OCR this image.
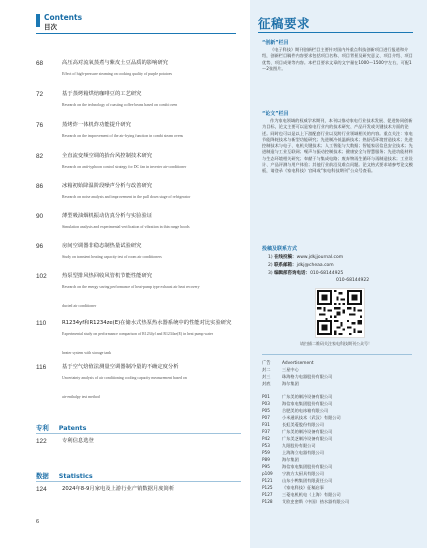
Contents
目次
68	高压高对流氧蒸煮与紫皮土豆品质的影响研究
Effect of high-pressure steaming on cooking quality of purple potatoes
72	基于蒸烤箱烘焙咖啡豆的工艺研究
Research on the technology of roasting coffee beans based on combi oven
76	蒸烤炸一体机炸功能提升研究
Research on the improvement of the air-frying function in combi steam ovens
82	全直流变频空调的抬台风控制技术研究
Research on anti-typhoon control strategy for DC fan in inverter air-conditioner
86	冰箱初始降温阶段噪声分析与改善研究
Research on noise analysis and improvement in the pull down stage of refrigerator
90	薄型吸油烟机振动仿真分析与实验验证
Simulation analysis and experimental verification of vibration in thin range hoods
96	房间空调器非稳态制热量试验研究
Study on transient heating capacity test of room air conditioners
102	热泵型排风热回收风管机节能性能研究
Research on the energy saving performance of heat-pump type exhaust air heat recovery
ducted air conditioner
110	R1234yf和R1234ze(E)在储水式热泵热水器系统中的性能对比实验研究
Experimental study on performance comparison of R1234yf and R1234ze(E) in heat pump water
heater system with storage tank
116	基于空气焓值法测量空调器制冷量的不确定度分析
Uncertainty analysis of air conditioning cooling capacity measurement based on
air-enthalpy test method
专利 Patents
122	专利信息选登
数据 Statistics
124	2024年8-9月家电及上游行业产销数据月度简析
6
征稿要求
“创新”栏目
《电子科技》期刊创新栏目主要针对国内外重点科技创新项目进行报道和介绍，创新栏目稿件内容要求包括项目名称、项目背景及研究意义、项目介绍、项目优势、项目成果等内容。本栏目要求文章的文字量在1000～1500字左右，可配1～2张图片。
“论文”栏目
作为家电领域的权威学术期刊，本刊以推动家电行业技术发展、促进协同创新为目标，论文主要可以是家电行业内的技术研究、产品开发或关键技术方面的论述。同时也可以是以上下游配套行业以及跨行业领域相关的内容。重点关注：家电节能降耗技术与新型功能研究；先进制冷低温新技术；热舒适环境营造技术；先进控制技术与电子、电机关键技术；人工智能与大数据；智能家居信息安全技术；先进制造与工业互联网；噪声与振动控制技术；健康安全与智慧服务；先进功能材料与生态环境相关研究；奉献于与集成电路；废弃物再生循环与再制造技术；工业设计、产品评测与用户体验；其他行业前沿及难点问题。论文格式要求请参考论文模板，请登录《家电科技》官网或“家电科技期刊”公众号查看。
投稿及联系方式
1) 在线投稿：www.jdkjjournal.com
2) 联系邮箱：jdkj@cheaa.com
3) 编辑部咨询电话：010-68144925
010-68144922
请扫描二维码关注家电科技期刊公众号！
广告	Advertisement
封二	三星中心
封三	珠海格力电器股份有限公司
封底	海尔集团
P01	广东美的制冷设备有限公司
P03	海信家电集团股份有限公司
P05	合肥美的电冰箱有限公司
P07	小米通讯技术（武汉）有限公司
P31	长虹美菱股份有限公司
P37	广东美的制冷设备有限公司
P42	广东美芝制冷设备有限公司
P53	九阳股份有限公司
P59	上海海立电器有限公司
P89	海尔集团
P95	海信家电集团股份有限公司
p109 宁波方太厨具有限公司
P121 山东小鸭集团有限责任公司
P125 《家电科技》征稿启事
P127 三菱电机机电（上海）有限公司
P128 艾欧史密斯（中国）热水器有限公司
